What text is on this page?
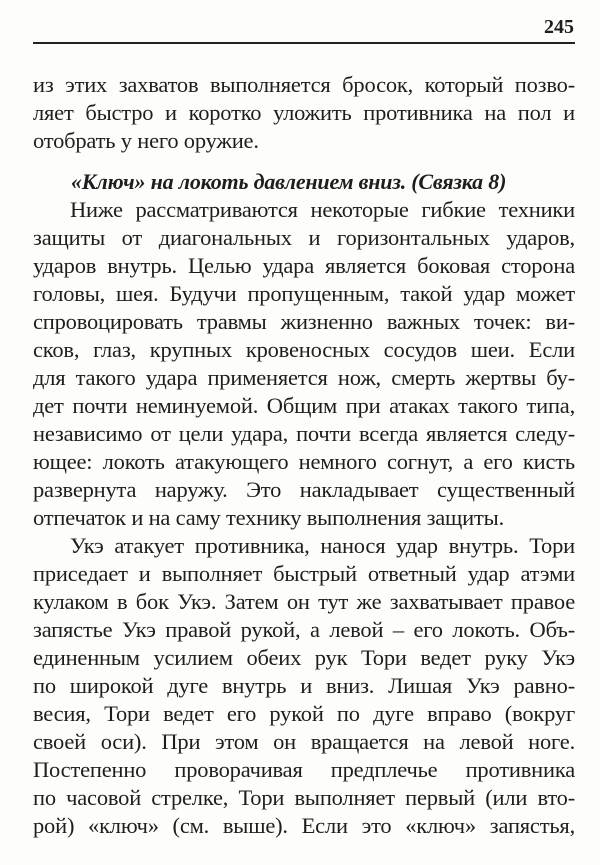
245
из этих захватов выполняется бросок, который позво-
ляет быстро и коротко уложить противника на пол и
отобрать у него оружие.
«Ключ» на локоть давлением вниз. (Связка 8)
Ниже рассматриваются некоторые гибкие техники
защиты от диагональных и горизонтальных ударов,
ударов внутрь. Целью удара является боковая сторона
головы, шея. Будучи пропущенным, такой удар может
спровоцировать травмы жизненно важных точек: ви-
сков, глаз, крупных кровеносных сосудов шеи. Если
для такого удара применяется нож, смерть жертвы бу-
дет почти неминуемой. Общим при атаках такого типа,
независимо от цели удара, почти всегда является следу-
ющее: локоть атакующего немного согнут, а его кисть
развернута наружу. Это накладывает существенный
отпечаток и на саму технику выполнения защиты.
Укэ атакует противника, нанося удар внутрь. Тори
приседает и выполняет быстрый ответный удар атэми
кулаком в бок Укэ. Затем он тут же захватывает правое
запястье Укэ правой рукой, а левой – его локоть. Объ-
единенным усилием обеих рук Тори ведет руку Укэ
по широкой дуге внутрь и вниз. Лишая Укэ равно-
весия, Тори ведет его рукой по дуге вправо (вокруг
своей оси). При этом он вращается на левой ноге.
Постепенно проворачивая предплечье противника
по часовой стрелке, Тори выполняет первый (или вто-
рой) «ключ» (см. выше). Если это «ключ» запястья,
